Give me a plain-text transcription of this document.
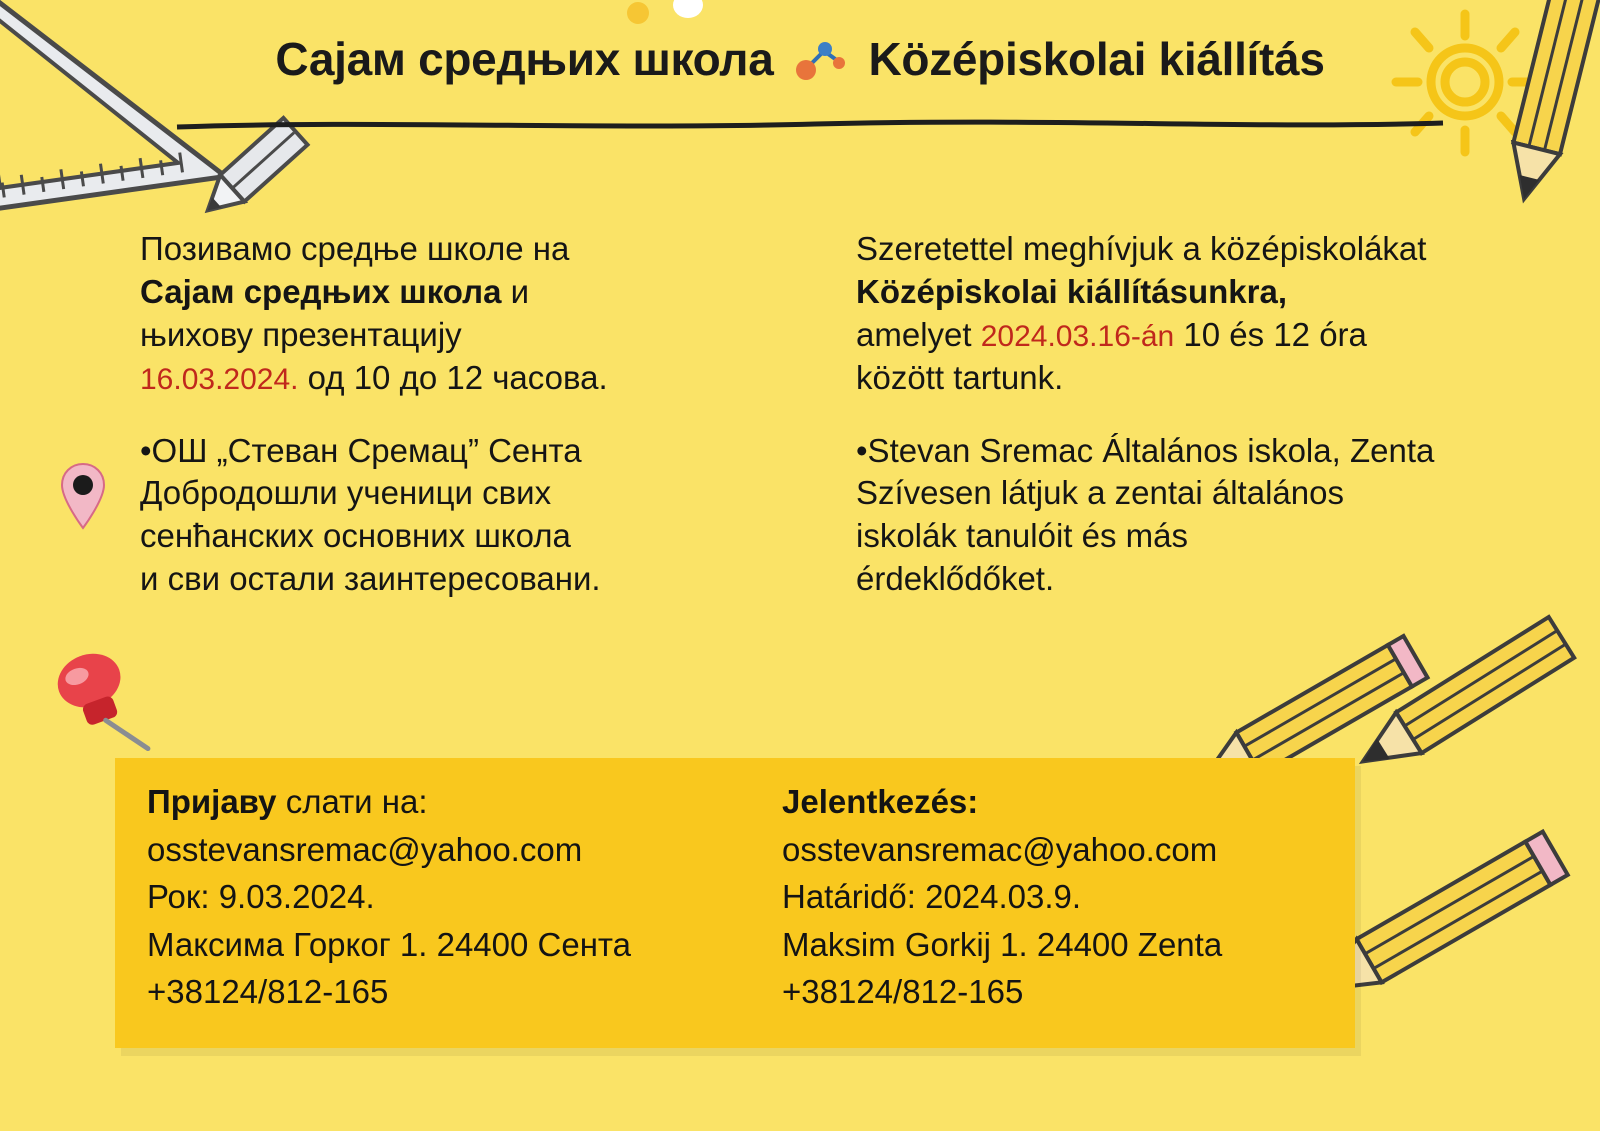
Сајам средњих школа Középiskolai kiállítás

Позивамо средње школе на
Сајам средњих школа и
њихову презентацију
16.03.2024. од 10 до 12 часова.

•ОШ „Стеван Сремац” Сента

Добродошли ученици свих
сенћанских основних школа
и сви остали заинтересовани.

Szeretettel meghívjuk a középiskolákat
Középiskolai kiállításunkra,
amelyet 2024.03.16-án 10 és 12 óra
között tartunk.

•Stevan Sremac Általános iskola, Zenta

Szívesen látjuk a zentai általános
iskolák tanulóit és más
érdeklődőket.

Пријаву слати на:

osstevansremac@yahoo.com

Рок: 9.03.2024.

Максима Горког 1. 24400 Сента

+38124/812-165

Jelentkezés:

osstevansremac@yahoo.com

Határidő: 2024.03.9.

Maksim Gorkij 1. 24400 Zenta

+38124/812-165
